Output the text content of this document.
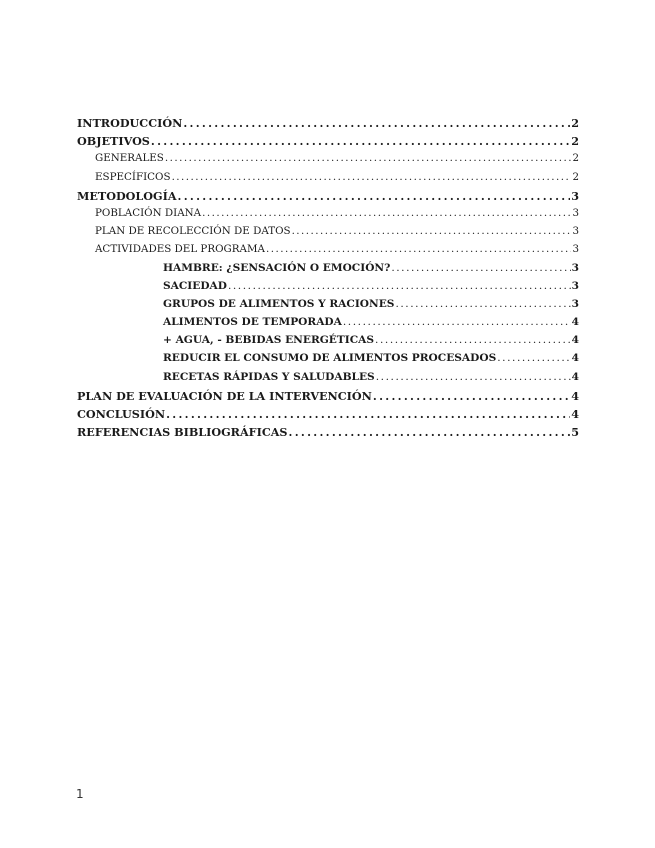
INTRODUCCIÓN . . .	2
OBJETIVOS . . .	2
GENERALES . . .	2
ESPECÍFICOS . . .	2
METODOLOGÍA . . .	3
POBLACIÓN DIANA . . .	3
PLAN DE RECOLECCIÓN DE DATOS . . .	3
ACTIVIDADES DEL PROGRAMA . . .	3
HAMBRE: ¿SENSACIÓN O EMOCIÓN? . . .	3
SACIEDAD . . .	3
GRUPOS DE ALIMENTOS Y RACIONES . . .	3
ALIMENTOS DE TEMPORADA . . .	4
+ AGUA, - BEBIDAS ENERGÉTICAS . . .	4
REDUCIR EL CONSUMO DE ALIMENTOS PROCESADOS . . .	4
RECETAS RÁPIDAS Y SALUDABLES . . .	4
PLAN DE EVALUACIÓN DE LA INTERVENCIÓN . . .	4
CONCLUSIÓN . . .	4
REFERENCIAS BIBLIOGRÁFICAS . . .	5
1
